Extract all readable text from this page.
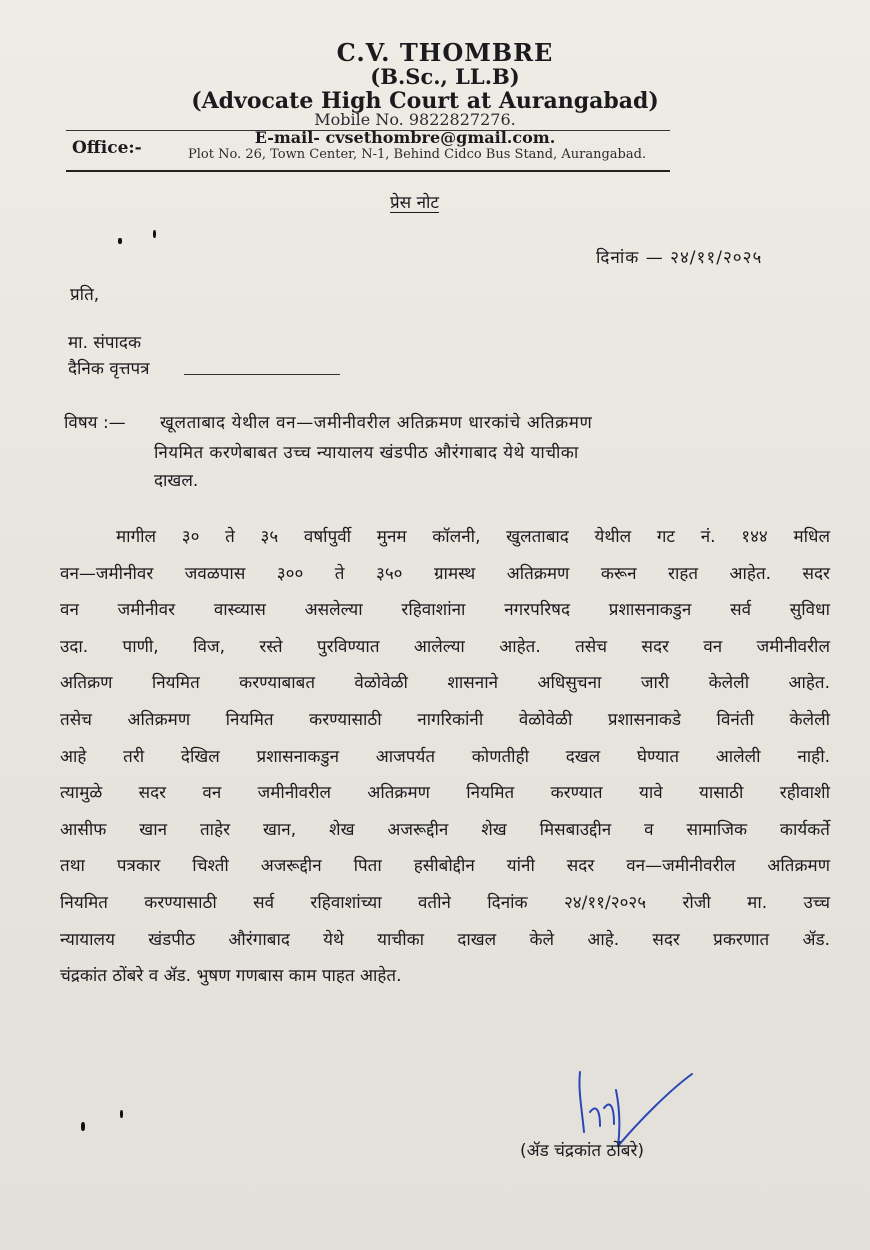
C.V. THOMBRE
(B.Sc., LL.B)
(Advocate High Court at Aurangabad)
Mobile No. 9822827276.
E-mail- cvsethombre@gmail.com.
Office:-	Plot No. 26, Town Center, N-1, Behind Cidco Bus Stand, Aurangabad.
प्रेस नोट
दिनांक — २४/११/२०२५
प्रति,
मा. संपादक
दैनिक वृत्तपत्र
विषय :— खूलताबाद येथील वन—जमीनीवरील अतिक्रमण धारकांचे अतिक्रमण
नियमित करणेबाबत उच्च न्यायालय खंडपीठ औरंगाबाद येथे याचीका
दाखल.
मागील ३० ते ३५ वर्षापुर्वी मुनम कॉलनी, खुलताबाद येथील गट नं. १४४ मधिल
वन—जमीनीवर जवळपास ३०० ते ३५० ग्रामस्थ अतिक्रमण करून राहत आहेत. सदर
वन जमीनीवर वास्व्यास असलेल्या रहिवाशांना नगरपरिषद प्रशासनाकडुन सर्व सुविधा
उदा. पाणी, विज, रस्ते पुरविण्यात आलेल्या आहेत. तसेच सदर वन जमीनीवरील
अतिक्रण नियमित करण्याबाबत वेळोवेळी शासनाने अधिसुचना जारी केलेली आहेत.
तसेच अतिक्रमण नियमित करण्यासाठी नागरिकांनी वेळोवेळी प्रशासनाकडे विनंती केलेली
आहे तरी देखिल प्रशासनाकडुन आजपर्यत कोणतीही दखल घेण्यात आलेली नाही.
त्यामुळे सदर वन जमीनीवरील अतिक्रमण नियमित करण्यात यावे यासाठी रहीवाशी
आसीफ खान ताहेर खान, शेख अजरूद्दीन शेख मिसबाउद्दीन व सामाजिक कार्यकर्ते
तथा पत्रकार चिश्ती अजरूद्दीन पिता हसीबोद्दीन यांनी सदर वन—जमीनीवरील अतिक्रमण
नियमित करण्यासाठी सर्व रहिवाशांच्या वतीने दिनांक २४/११/२०२५ रोजी मा. उच्च
न्यायालय खंडपीठ औरंगाबाद येथे याचीका दाखल केले आहे. सदर प्रकरणात ॲड.
चंद्रकांत ठोंबरे व ॲड. भुषण गणबास काम पाहत आहेत.
(ॲड चंद्रकांत ठोंबरे)
